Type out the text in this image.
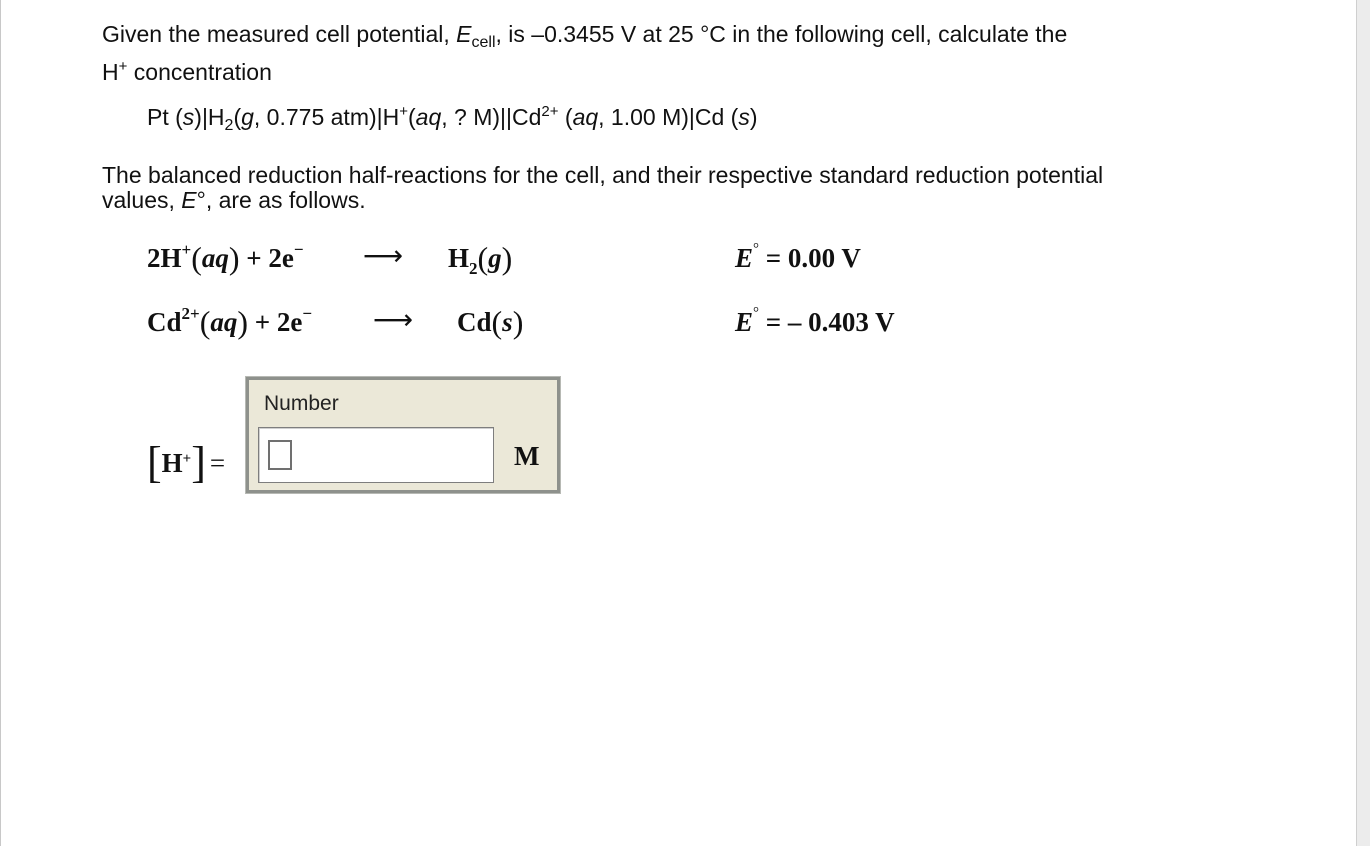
Given the measured cell potential, $E_{cell}$, is –0.3455 V at 25 °C in the following cell, calculate the
H+ concentration
Pt $(s)|H_2(g$, 0.775 atm)|H+(aq, ? $M)||Cd^{2+}$ (aq, 1.00 M)|Cd (s)
The balanced reduction half-reactions for the cell, and their respective standard reduction potential
values, E°, are as follows.
2H+(aq) + 2e− ⟶ $H_2(g)$	E° = 0.00 V
$Cd^{2+}(aq) + 2e^-$ ⟶ Cd(s)	E° = – 0.403 V
[H+] =
Number
M
